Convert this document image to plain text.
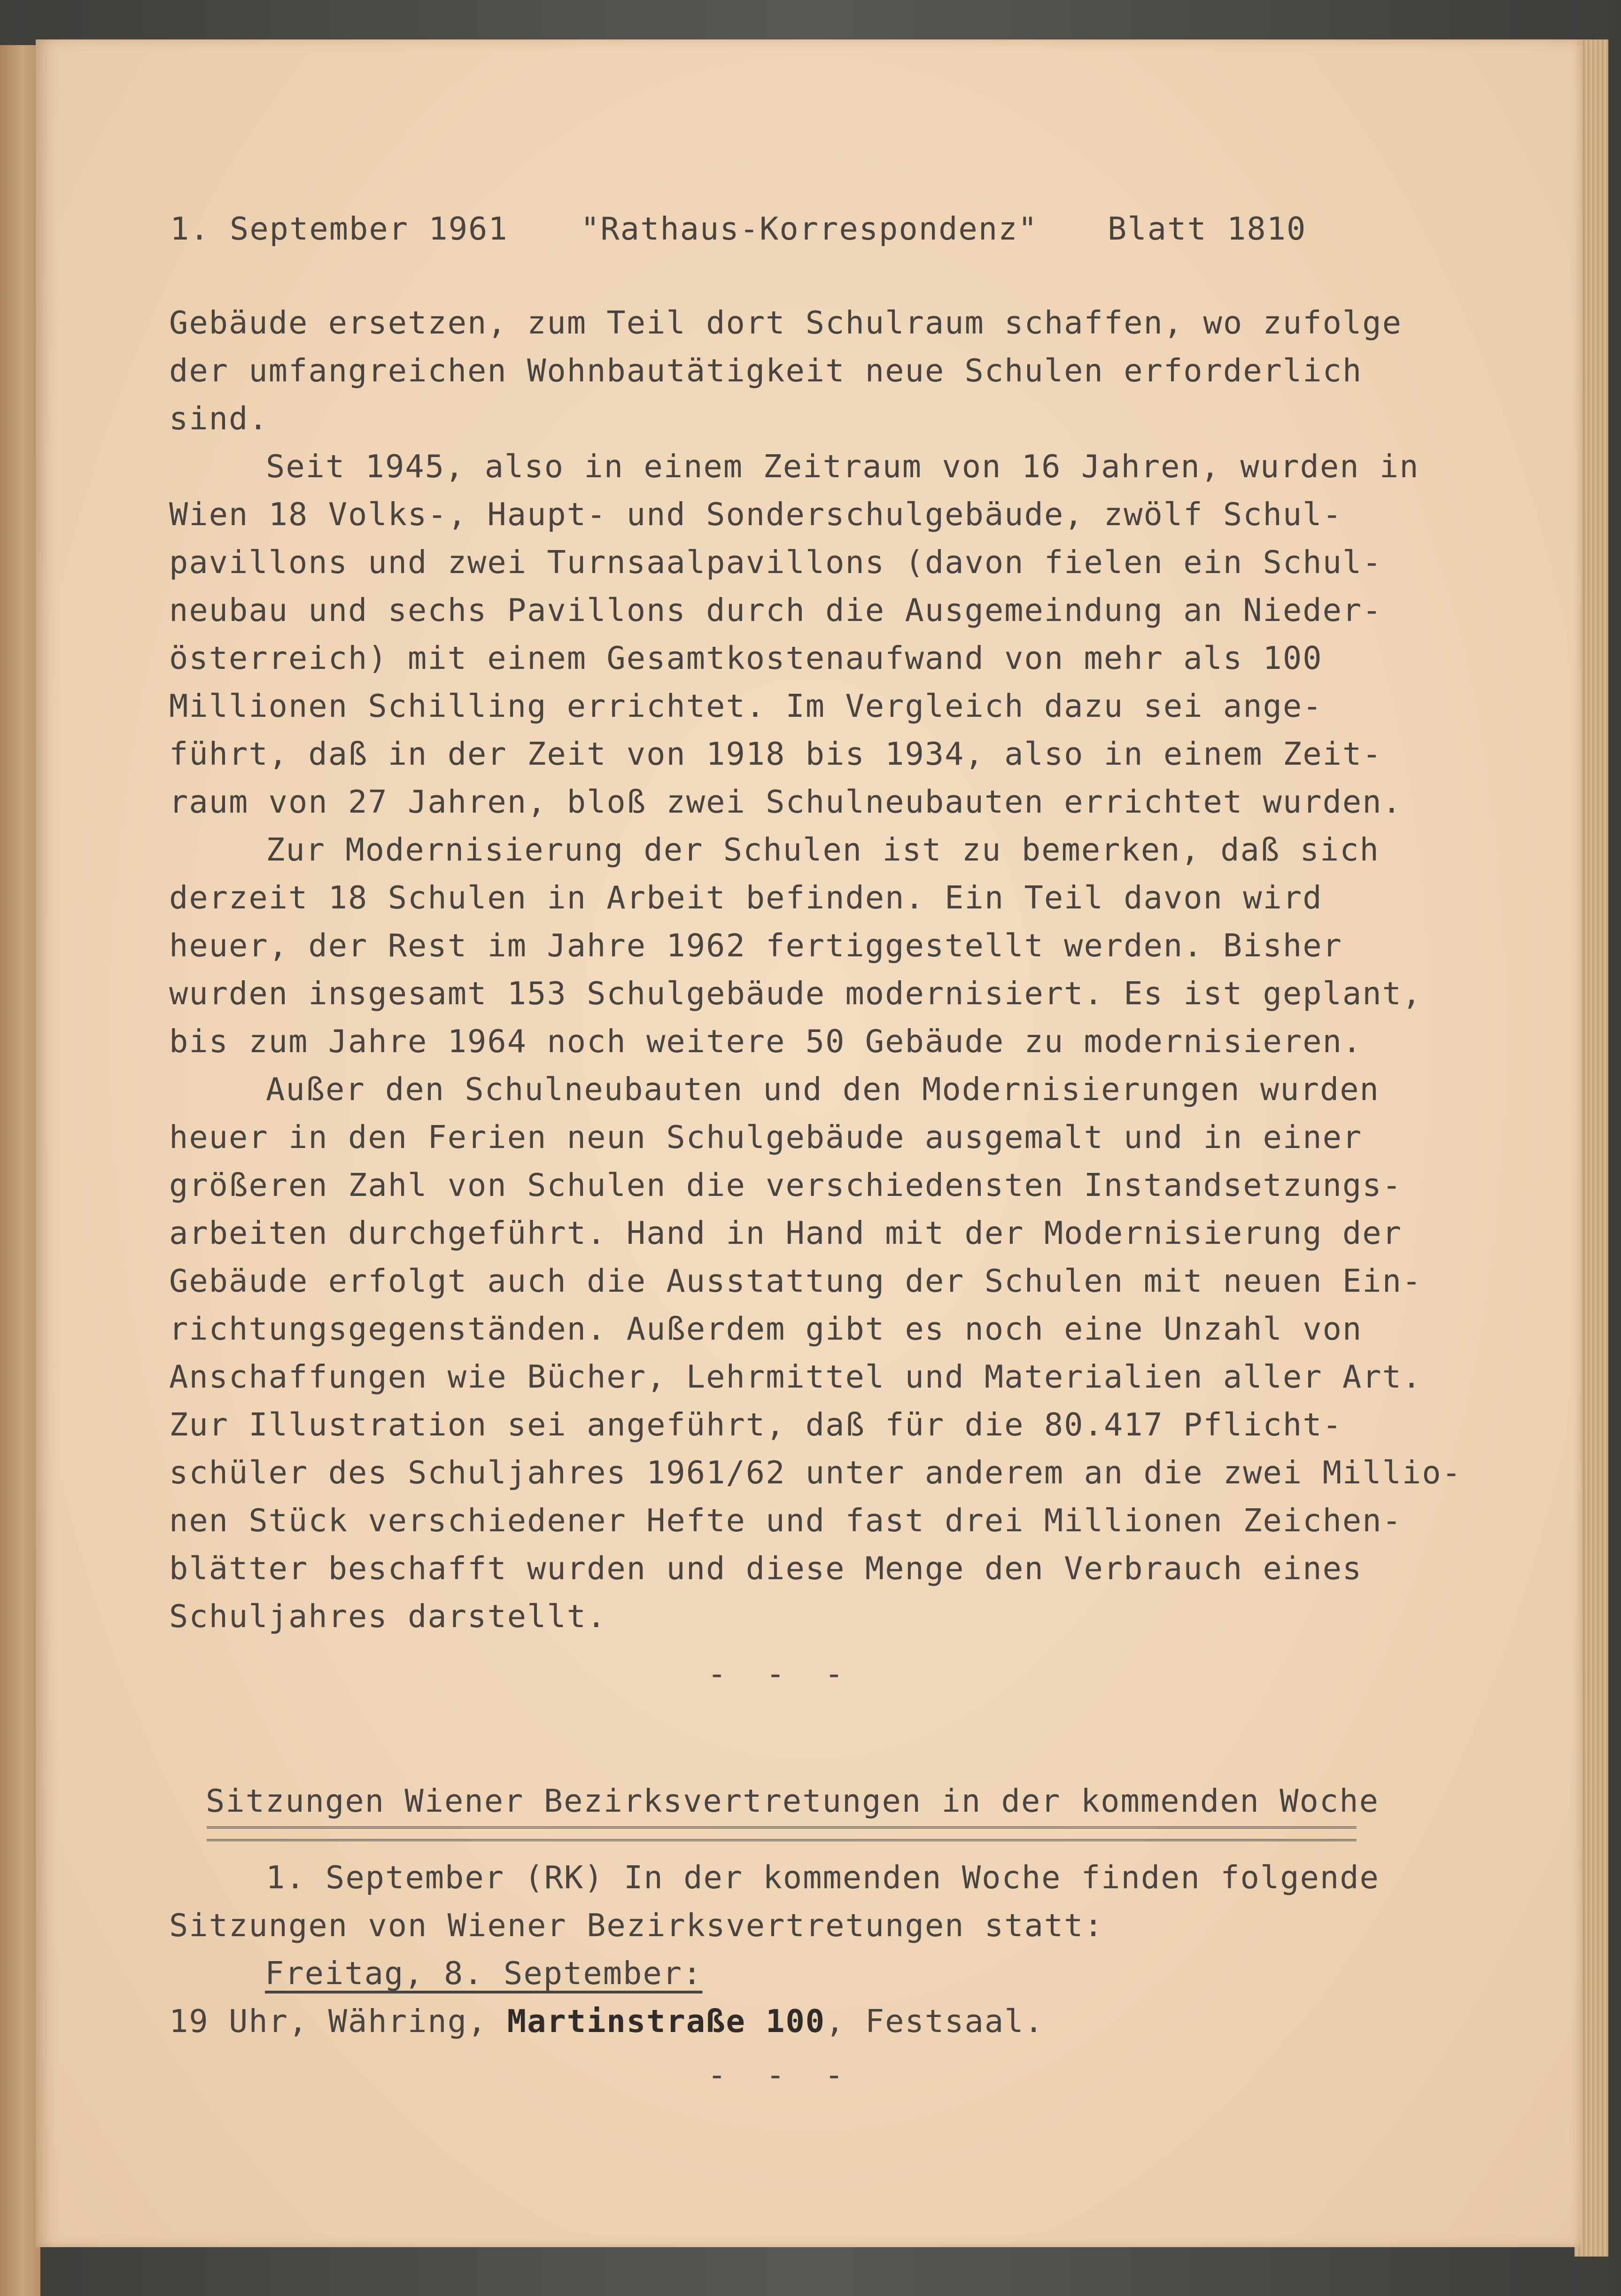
1. September 1961 "Rathaus-Korrespondenz" Blatt 1810
Gebäude ersetzen, zum Teil dort Schulraum schaffen, wo zufolge
der umfangreichen Wohnbautätigkeit neue Schulen erforderlich
sind.
Seit 1945, also in einem Zeitraum von 16 Jahren, wurden in
Wien 18 Volks-, Haupt- und Sonderschulgebäude, zwölf Schul-
pavillons und zwei Turnsaalpavillons (davon fielen ein Schul-
neubau und sechs Pavillons durch die Ausgemeindung an Nieder-
österreich) mit einem Gesamtkostenaufwand von mehr als 100
Millionen Schilling errichtet. Im Vergleich dazu sei ange-
führt, daß in der Zeit von 1918 bis 1934, also in einem Zeit-
raum von 27 Jahren, bloß zwei Schulneubauten errichtet wurden.
Zur Modernisierung der Schulen ist zu bemerken, daß sich
derzeit 18 Schulen in Arbeit befinden. Ein Teil davon wird
heuer, der Rest im Jahre 1962 fertiggestellt werden. Bisher
wurden insgesamt 153 Schulgebäude modernisiert. Es ist geplant,
bis zum Jahre 1964 noch weitere 50 Gebäude zu modernisieren.
Außer den Schulneubauten und den Modernisierungen wurden
heuer in den Ferien neun Schulgebäude ausgemalt und in einer
größeren Zahl von Schulen die verschiedensten Instandsetzungs-
arbeiten durchgeführt. Hand in Hand mit der Modernisierung der
Gebäude erfolgt auch die Ausstattung der Schulen mit neuen Ein-
richtungsgegenständen. Außerdem gibt es noch eine Unzahl von
Anschaffungen wie Bücher, Lehrmittel und Materialien aller Art.
Zur Illustration sei angeführt, daß für die 80.417 Pflicht-
schüler des Schuljahres 1961/62 unter anderem an die zwei Millio-
nen Stück verschiedener Hefte und fast drei Millionen Zeichen-
blätter beschafft wurden und diese Menge den Verbrauch eines
Schuljahres darstellt.
- - -
Sitzungen Wiener Bezirksvertretungen in der kommenden Woche
1. September (RK) In der kommenden Woche finden folgende
Sitzungen von Wiener Bezirksvertretungen statt:
Freitag, 8. September:
19 Uhr, Währing, Martinstraße 100, Festsaal.
- - -
